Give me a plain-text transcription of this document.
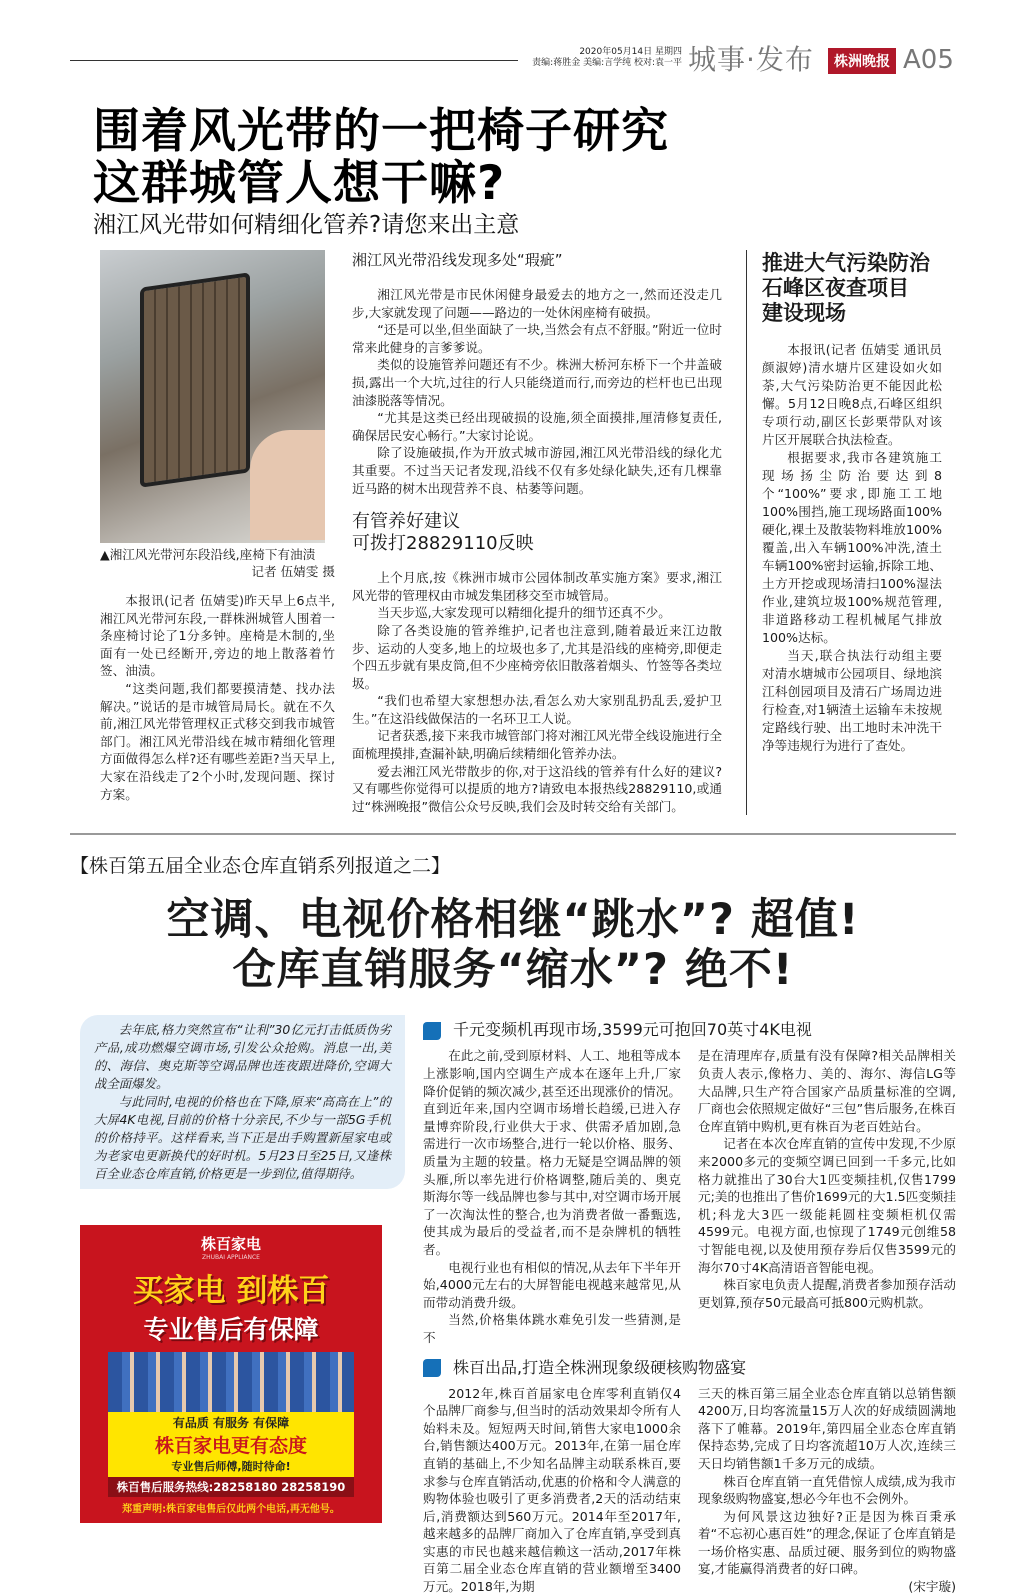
2020年05月14日 星期四
责编:蒋胜金 美编:言学纯 校对:袁一平 城事·发布	株洲晚报 A05
围着风光带的一把椅子研究
这群城管人想干嘛?
湘江风光带如何精细化管养?请您来出主意
▲湘江风光带河东段沿线,座椅下有油渍
记者 伍婧雯 摄

本报讯(记者 伍婧雯)昨天早上6点半,湘江风光带河东段,一群株洲城管人围着一条座椅讨论了1分多钟。座椅是木制的,坐面有一处已经断开,旁边的地上散落着竹签、油渍。

“这类问题,我们都要摸清楚、找办法解决。”说话的是市城管局局长。就在不久前,湘江风光带管理权正式移交到我市城管部门。湘江风光带沿线在城市精细化管理方面做得怎么样?还有哪些差距?当天早上,大家在沿线走了2个小时,发现问题、探讨方案。

湘江风光带沿线发现多处“瑕疵”

湘江风光带是市民休闲健身最爱去的地方之一,然而还没走几步,大家就发现了问题——路边的一处休闲座椅有破损。

“还是可以坐,但坐面缺了一块,当然会有点不舒服。”附近一位时常来此健身的言爹爹说。

类似的设施管养问题还有不少。株洲大桥河东桥下一个井盖破损,露出一个大坑,过往的行人只能绕道而行,而旁边的栏杆也已出现油漆脱落等情况。

“尤其是这类已经出现破损的设施,须全面摸排,厘清修复责任,确保居民安心畅行。”大家讨论说。

除了设施破损,作为开放式城市游园,湘江风光带沿线的绿化尤其重要。不过当天记者发现,沿线不仅有多处绿化缺失,还有几棵靠近马路的树木出现营养不良、枯萎等问题。

有管养好建议
可拨打28829110反映

上个月底,按《株洲市城市公园体制改革实施方案》要求,湘江风光带的管理权由市城发集团移交至市城管局。

当天步巡,大家发现可以精细化提升的细节还真不少。

除了各类设施的管养维护,记者也注意到,随着最近来江边散步、运动的人变多,地上的垃圾也多了,尤其是沿线的座椅旁,即便走个四五步就有果皮筒,但不少座椅旁依旧散落着烟头、竹签等各类垃圾。

“我们也希望大家想想办法,看怎么劝大家别乱扔乱丢,爱护卫生。”在这沿线做保洁的一名环卫工人说。

记者获悉,接下来我市城管部门将对湘江风光带全线设施进行全面梳理摸排,查漏补缺,明确后续精细化管养办法。

爱去湘江风光带散步的你,对于这沿线的管养有什么好的建议?又有哪些你觉得可以提质的地方?请致电本报热线28829110,或通过“株洲晚报”微信公众号反映,我们会及时转交给有关部门。

推进大气污染防治
石峰区夜查项目
建设现场

本报讯(记者 伍婧雯 通讯员 颜淑婷)清水塘片区建设如火如荼,大气污染防治更不能因此松懈。5月12日晚8点,石峰区组织专项行动,副区长彭栗带队对该片区开展联合执法检查。

根据要求,我市各建筑施工现场扬尘防治要达到8个“100%”要求,即施工工地100%围挡,施工现场路面100%硬化,裸土及散装物料堆放100%覆盖,出入车辆100%冲洗,渣土车辆100%密封运输,拆除工地、土方开挖或现场清扫100%湿法作业,建筑垃圾100%规范管理,非道路移动工程机械尾气排放100%达标。

当天,联合执法行动组主要对清水塘城市公园项目、绿地滨江科创园项目及清石广场周边进行检查,对1辆渣土运输车未按规定路线行驶、出工地时未冲洗干净等违规行为进行了查处。

【株百第五届全业态仓库直销系列报道之二】
空调、电视价格相继“跳水”? 超值!
仓库直销服务“缩水”? 绝不!

去年底,格力突然宣布“让利”30亿元打击低质伪劣产品,成功燃爆空调市场,引发公众抢购。消息一出,美的、海信、奥克斯等空调品牌也连夜跟进降价,空调大战全面爆发。

与此同时,电视的价格也在下降,原来“高高在上”的大屏4K电视,目前的价格十分亲民,不少与一部5G手机的价格持平。这样看来,当下正是出手购置新屋家电或为老家电更新换代的好时机。5月23日至25日,又逢株百全业态仓库直销,价格更是一步到位,值得期待。

株百家电
ZHUBAI APPLIANCE
买家电 到株百
专业售后有保障
有品质 有服务 有保障
株百家电更有态度
专业售后师傅,随时待命!
株百售后服务热线:28258180 28258190
郑重声明:株百家电售后仅此两个电话,再无他号。
千元变频机再现市场,3599元可抱回70英寸4K电视

在此之前,受到原材料、人工、地租等成本上涨影响,国内空调生产成本在逐年上升,厂家降价促销的频次减少,甚至还出现涨价的情况。直到近年来,国内空调市场增长趋缓,已进入存量博弈阶段,行业供大于求、供需矛盾加剧,急需进行一次市场整合,进行一轮以价格、服务、质量为主题的较量。格力无疑是空调品牌的领头雁,所以率先进行价格调整,随后美的、奥克斯海尔等一线品牌也参与其中,对空调市场开展了一次淘汰性的整合,也为消费者做一番甄选,使其成为最后的受益者,而不是杂牌机的牺牲者。

电视行业也有相似的情况,从去年下半年开始,4000元左右的大屏智能电视越来越常见,从而带动消费升级。

当然,价格集体跳水难免引发一些猜测,是不

是在清理库存,质量有没有保障?相关品牌相关负责人表示,像格力、美的、海尔、海信LG等大品牌,只生产符合国家产品质量标准的空调,厂商也会依照规定做好“三包”售后服务,在株百仓库直销中购机,更有株百为老百姓站台。

记者在本次仓库直销的宣传中发现,不少原来2000多元的变频空调已回到一千多元,比如格力就推出了30台大1匹变频挂机,仅售1799元;美的也推出了售价1699元的大1.5匹变频挂机;科龙大3匹一级能耗圆柱变频柜机仅需4599元。电视方面,也惊现了1749元创维58寸智能电视,以及使用预存券后仅售3599元的海尔70寸4K高清语音智能电视。

株百家电负责人提醒,消费者参加预存活动更划算,预存50元最高可抵800元购机款。

株百出品,打造全株洲现象级硬核购物盛宴

2012年,株百首届家电仓库零利直销仅4个品牌厂商参与,但当时的活动效果却令所有人始料未及。短短两天时间,销售大家电1000余台,销售额达400万元。2013年,在第一届仓库直销的基础上,不少知名品牌主动联系株百,要求参与仓库直销活动,优惠的价格和令人满意的购物体验也吸引了更多消费者,2天的活动结束后,消费额达到560万元。2014年至2017年,越来越多的品牌厂商加入了仓库直销,享受到真实惠的市民也越来越信赖这一活动,2017年株百第二届全业态仓库直销的营业额增至3400万元。2018年,为期

三天的株百第三届全业态仓库直销以总销售额4200万,日均客流量15万人次的好成绩圆满地落下了帷幕。2019年,第四届全业态仓库直销保持态势,完成了日均客流超10万人次,连续三天日均销售额1千多万元的成绩。

株百仓库直销一直凭借惊人成绩,成为我市现象级购物盛宴,想必今年也不会例外。

为何风景这边独好?正是因为株百秉承着“不忘初心惠百姓”的理念,保证了仓库直销是一场价格实惠、品质过硬、服务到位的购物盛宴,才能赢得消费者的好口碑。

(宋宇璇)
